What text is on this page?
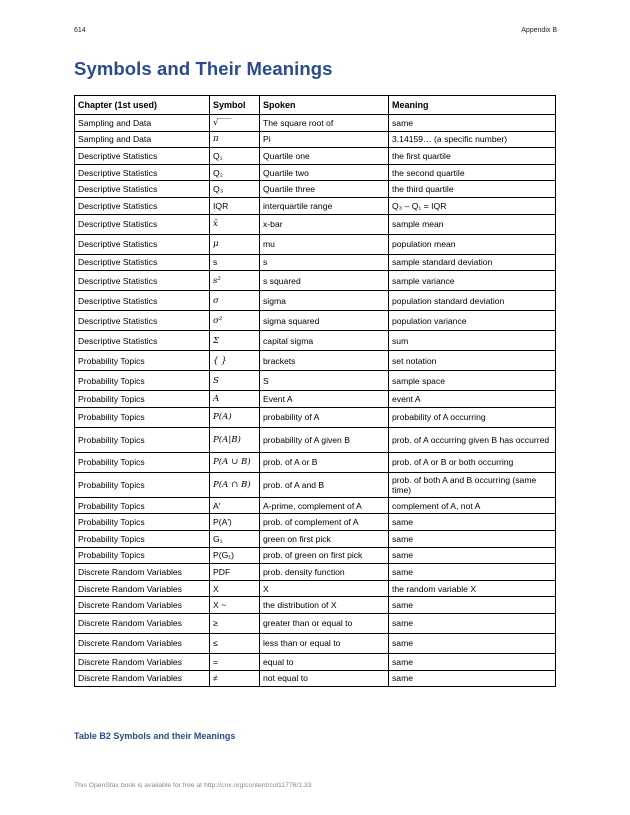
614	Appendix B
Symbols and Their Meanings
Chapter (1st used)	Symbol	Spoken	Meaning
Sampling and Data	√‾‾‾	The square root of	same
Sampling and Data	π	Pi	3.14159… (a specific number)
Descriptive Statistics	Q₁	Quartile one	the first quartile
Descriptive Statistics	Q₂	Quartile two	the second quartile
Descriptive Statistics	Q₃	Quartile three	the third quartile
Descriptive Statistics	IQR	interquartile range	Q₃ – Q₁ = IQR
Descriptive Statistics	x̄	x-bar	sample mean
Descriptive Statistics	μ	mu	population mean
Descriptive Statistics	s	s	sample standard deviation
Descriptive Statistics	s²	s squared	sample variance
Descriptive Statistics	σ	sigma	population standard deviation
Descriptive Statistics	σ²	sigma squared	population variance
Descriptive Statistics	Σ	capital sigma	sum
Probability Topics	{ }	brackets	set notation
Probability Topics	S	S	sample space
Probability Topics	A	Event A	event A
Probability Topics	P(A)	probability of A	probability of A occurring
Probability Topics	P(A|B)	probability of A given B	prob. of A occurring given B has occurred
Probability Topics	P(A ∪ B)	prob. of A or B	prob. of A or B or both occurring
Probability Topics	P(A ∩ B)	prob. of A and B	prob. of both A and B occurring (same time)
Probability Topics	A′	A-prime, complement of A	complement of A, not A
Probability Topics	P(A′)	prob. of complement of A	same
Probability Topics	G₁	green on first pick	same
Probability Topics	P(G₁)	prob. of green on first pick	same
Discrete Random Variables	PDF	prob. density function	same
Discrete Random Variables	X	X	the random variable X
Discrete Random Variables	X ~	the distribution of X	same
Discrete Random Variables	≥	greater than or equal to	same
Discrete Random Variables	≤	less than or equal to	same
Discrete Random Variables	=	equal to	same
Discrete Random Variables	≠	not equal to	same
Table B2 Symbols and their Meanings
This OpenStax book is available for free at http://cnx.org/content/col11776/1.33
